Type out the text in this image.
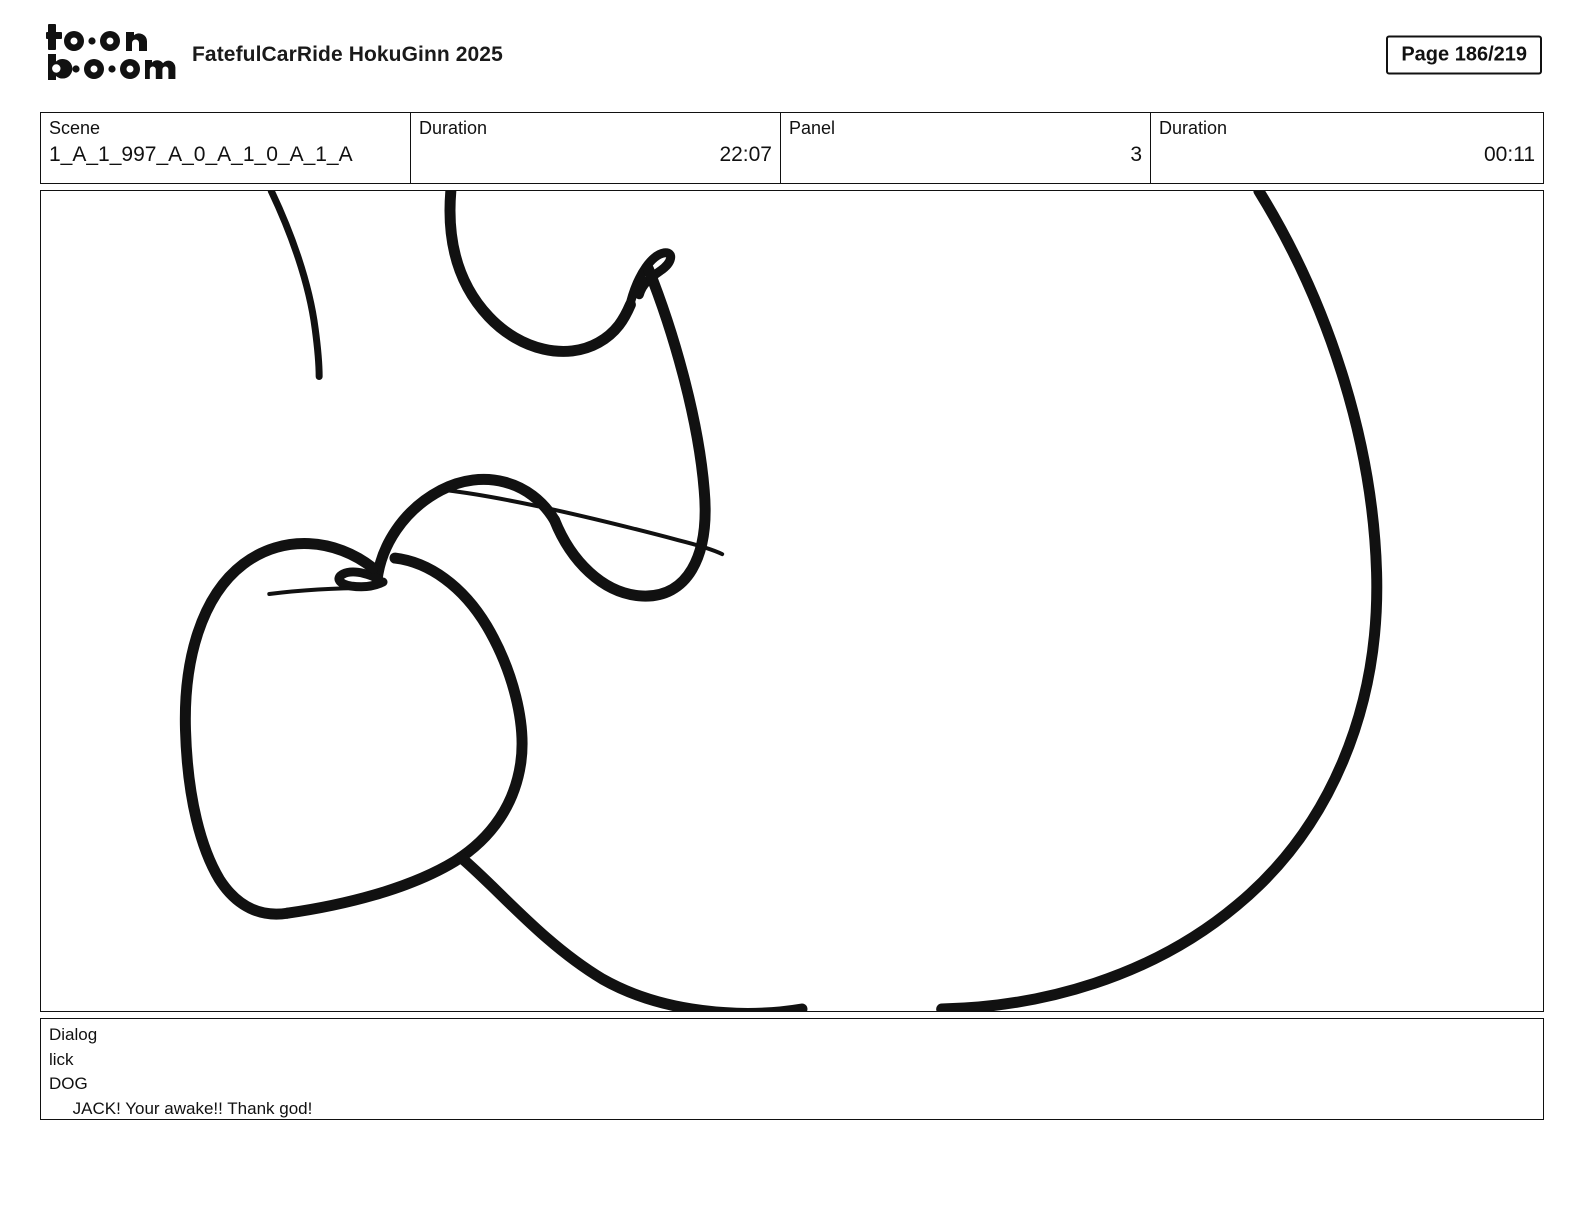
FatefulCarRide HokuGinn 2025	Page 186/219
Scene
1_A_1_997_A_0_A_1_0_A_1_A
Duration
22:07
Panel
3
Duration
00:11
Dialog
lick
DOG
JACK! Your awake!! Thank god!
